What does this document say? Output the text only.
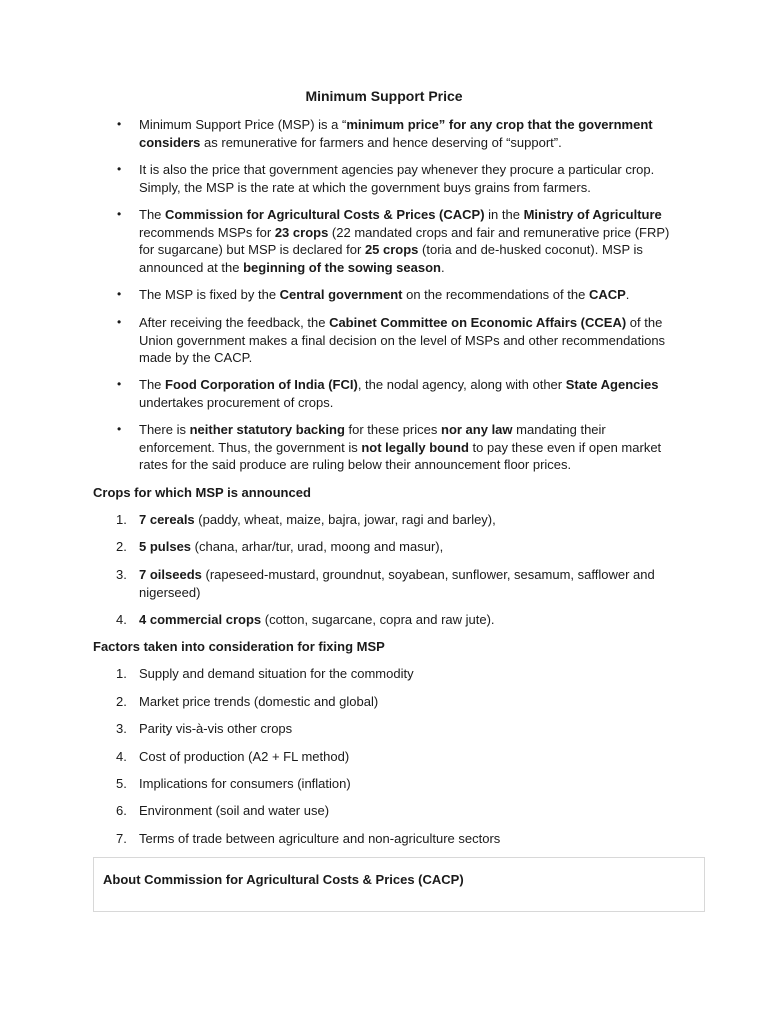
Minimum Support Price
•	Minimum Support Price (MSP) is a “minimum price” for any crop that the government considers as remunerative for farmers and hence deserving of “support”.
•	It is also the price that government agencies pay whenever they procure a particular crop. Simply, the MSP is the rate at which the government buys grains from farmers.
•	The Commission for Agricultural Costs & Prices (CACP) in the Ministry of Agriculture recommends MSPs for 23 crops (22 mandated crops and fair and remunerative price (FRP) for sugarcane) but MSP is declared for 25 crops (toria and de-husked coconut). MSP is announced at the beginning of the sowing season.
•	The MSP is fixed by the Central government on the recommendations of the CACP.
•	After receiving the feedback, the Cabinet Committee on Economic Affairs (CCEA) of the Union government makes a final decision on the level of MSPs and other recommendations made by the CACP.
•	The Food Corporation of India (FCI), the nodal agency, along with other State Agencies undertakes procurement of crops.
•	There is neither statutory backing for these prices nor any law mandating their enforcement. Thus, the government is not legally bound to pay these even if open market rates for the said produce are ruling below their announcement floor prices.
Crops for which MSP is announced
1. 7 cereals (paddy, wheat, maize, bajra, jowar, ragi and barley),
2. 5 pulses (chana, arhar/tur, urad, moong and masur),
3. 7 oilseeds (rapeseed-mustard, groundnut, soyabean, sunflower, sesamum, safflower and nigerseed)
4. 4 commercial crops (cotton, sugarcane, copra and raw jute).
Factors taken into consideration for fixing MSP
1. Supply and demand situation for the commodity
2. Market price trends (domestic and global)
3. Parity vis-à-vis other crops
4. Cost of production (A2 + FL method)
5. Implications for consumers (inflation)
6. Environment (soil and water use)
7. Terms of trade between agriculture and non-agriculture sectors
About Commission for Agricultural Costs & Prices (CACP)
